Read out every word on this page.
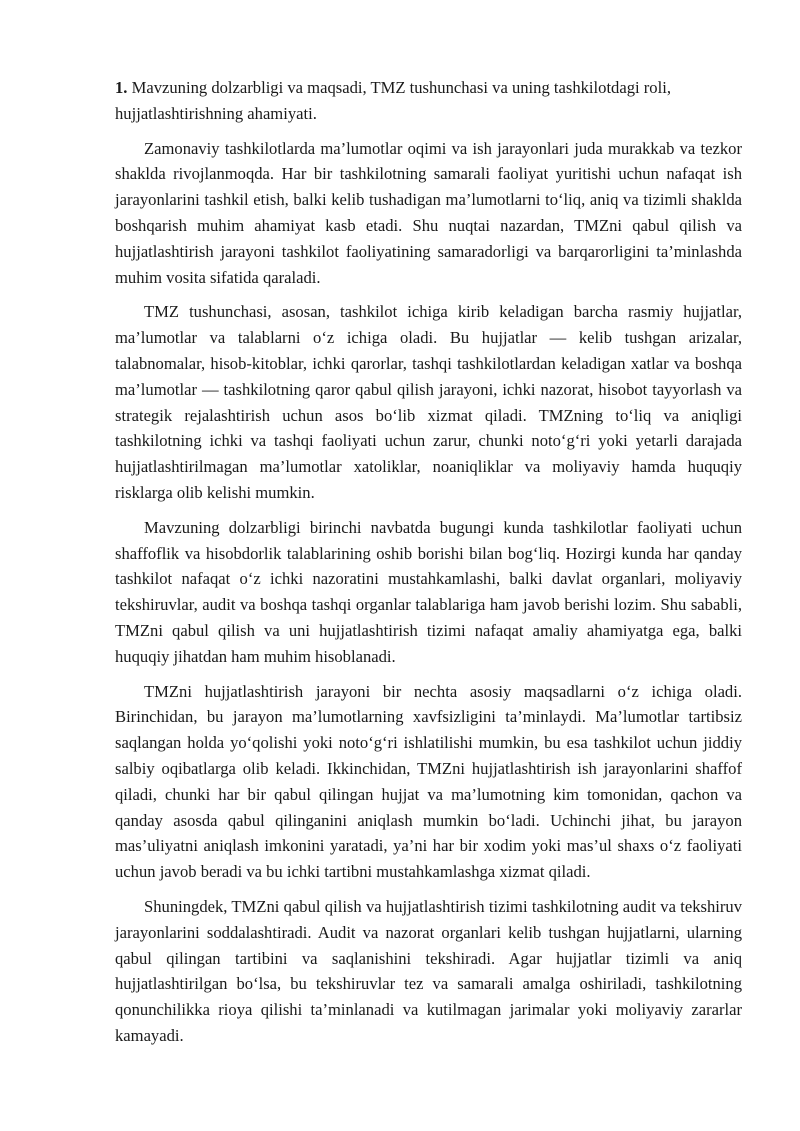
1. Mavzuning dolzarbligi va maqsadi, TMZ tushunchasi va uning tashkilotdagi roli, hujjatlashtirishning ahamiyati.

Zamonaviy tashkilotlarda ma’lumotlar oqimi va ish jarayonlari juda murakkab va tezkor shaklda rivojlanmoqda. Har bir tashkilotning samarali faoliyat yuritishi uchun nafaqat ish jarayonlarini tashkil etish, balki kelib tushadigan ma’lumotlarni to‘liq, aniq va tizimli shaklda boshqarish muhim ahamiyat kasb etadi. Shu nuqtai nazardan, TMZni qabul qilish va hujjatlashtirish jarayoni tashkilot faoliyatining samaradorligi va barqarorligini ta’minlashda muhim vosita sifatida qaraladi.

TMZ tushunchasi, asosan, tashkilot ichiga kirib keladigan barcha rasmiy hujjatlar, ma’lumotlar va talablarni o‘z ichiga oladi. Bu hujjatlar — kelib tushgan arizalar, talabnomalar, hisob-kitoblar, ichki qarorlar, tashqi tashkilotlardan keladigan xatlar va boshqa ma’lumotlar — tashkilotning qaror qabul qilish jarayoni, ichki nazorat, hisobot tayyorlash va strategik rejalashtirish uchun asos bo‘lib xizmat qiladi. TMZning to‘liq va aniqligi tashkilotning ichki va tashqi faoliyati uchun zarur, chunki noto‘g‘ri yoki yetarli darajada hujjatlashtirilmagan ma’lumotlar xatoliklar, noaniqliklar va moliyaviy hamda huquqiy risklarga olib kelishi mumkin.

Mavzuning dolzarbligi birinchi navbatda bugungi kunda tashkilotlar faoliyati uchun shaffoflik va hisobdorlik talablarining oshib borishi bilan bog‘liq. Hozirgi kunda har qanday tashkilot nafaqat o‘z ichki nazoratini mustahkamlashi, balki davlat organlari, moliyaviy tekshiruvlar, audit va boshqa tashqi organlar talablariga ham javob berishi lozim. Shu sababli, TMZni qabul qilish va uni hujjatlashtirish tizimi nafaqat amaliy ahamiyatga ega, balki huquqiy jihatdan ham muhim hisoblanadi.

TMZni hujjatlashtirish jarayoni bir nechta asosiy maqsadlarni o‘z ichiga oladi. Birinchidan, bu jarayon ma’lumotlarning xavfsizligini ta’minlaydi. Ma’lumotlar tartibsiz saqlangan holda yo‘qolishi yoki noto‘g‘ri ishlatilishi mumkin, bu esa tashkilot uchun jiddiy salbiy oqibatlarga olib keladi. Ikkinchidan, TMZni hujjatlashtirish ish jarayonlarini shaffof qiladi, chunki har bir qabul qilingan hujjat va ma’lumotning kim tomonidan, qachon va qanday asosda qabul qilinganini aniqlash mumkin bo‘ladi. Uchinchi jihat, bu jarayon mas’uliyatni aniqlash imkonini yaratadi, ya’ni har bir xodim yoki mas’ul shaxs o‘z faoliyati uchun javob beradi va bu ichki tartibni mustahkamlashga xizmat qiladi.

Shuningdek, TMZni qabul qilish va hujjatlashtirish tizimi tashkilotning audit va tekshiruv jarayonlarini soddalashtiradi. Audit va nazorat organlari kelib tushgan hujjatlarni, ularning qabul qilingan tartibini va saqlanishini tekshiradi. Agar hujjatlar tizimli va aniq hujjatlashtirilgan bo‘lsa, bu tekshiruvlar tez va samarali amalga oshiriladi, tashkilotning qonunchilikka rioya qilishi ta’minlanadi va kutilmagan jarimalar yoki moliyaviy zararlar kamayadi.
